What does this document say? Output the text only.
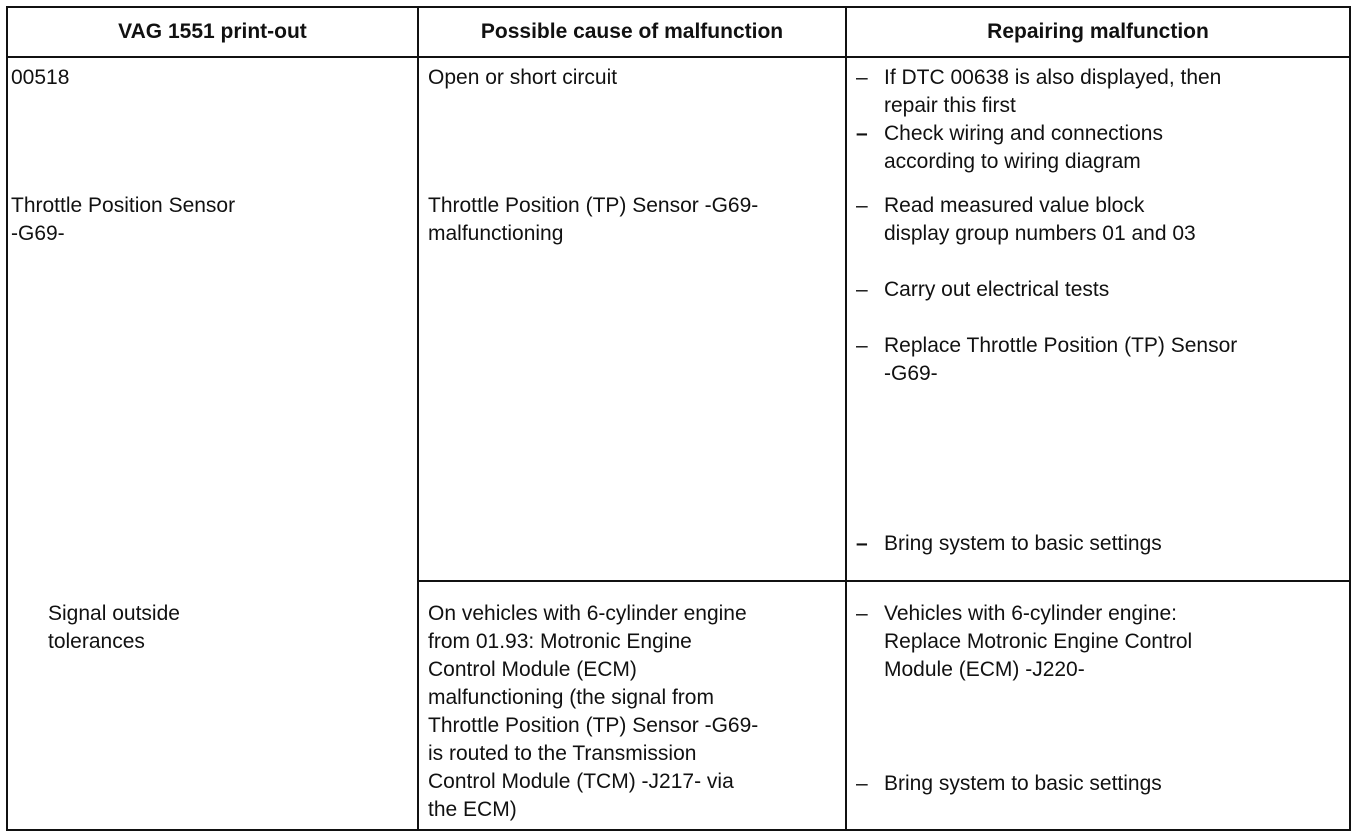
VAG 1551 print-out	Possible cause of malfunction	Repairing malfunction
00518
Throttle Position Sensor
-G69-
Signal outside
tolerances
Open or short circuit
Throttle Position (TP) Sensor -G69-
malfunctioning
On vehicles with 6-cylinder engine
from 01.93: Motronic Engine
Control Module (ECM)
malfunctioning (the signal from
Throttle Position (TP) Sensor -G69-
is routed to the Transmission
Control Module (TCM) -J217- via
the ECM)
– If DTC 00638 is also displayed, then
repair this first
– Check wiring and connections
according to wiring diagram
– Read measured value block
display group numbers 01 and 03
– Carry out electrical tests
– Replace Throttle Position (TP) Sensor
-G69-
– Bring system to basic settings
– Vehicles with 6-cylinder engine:
Replace Motronic Engine Control
Module (ECM) -J220-
– Bring system to basic settings
